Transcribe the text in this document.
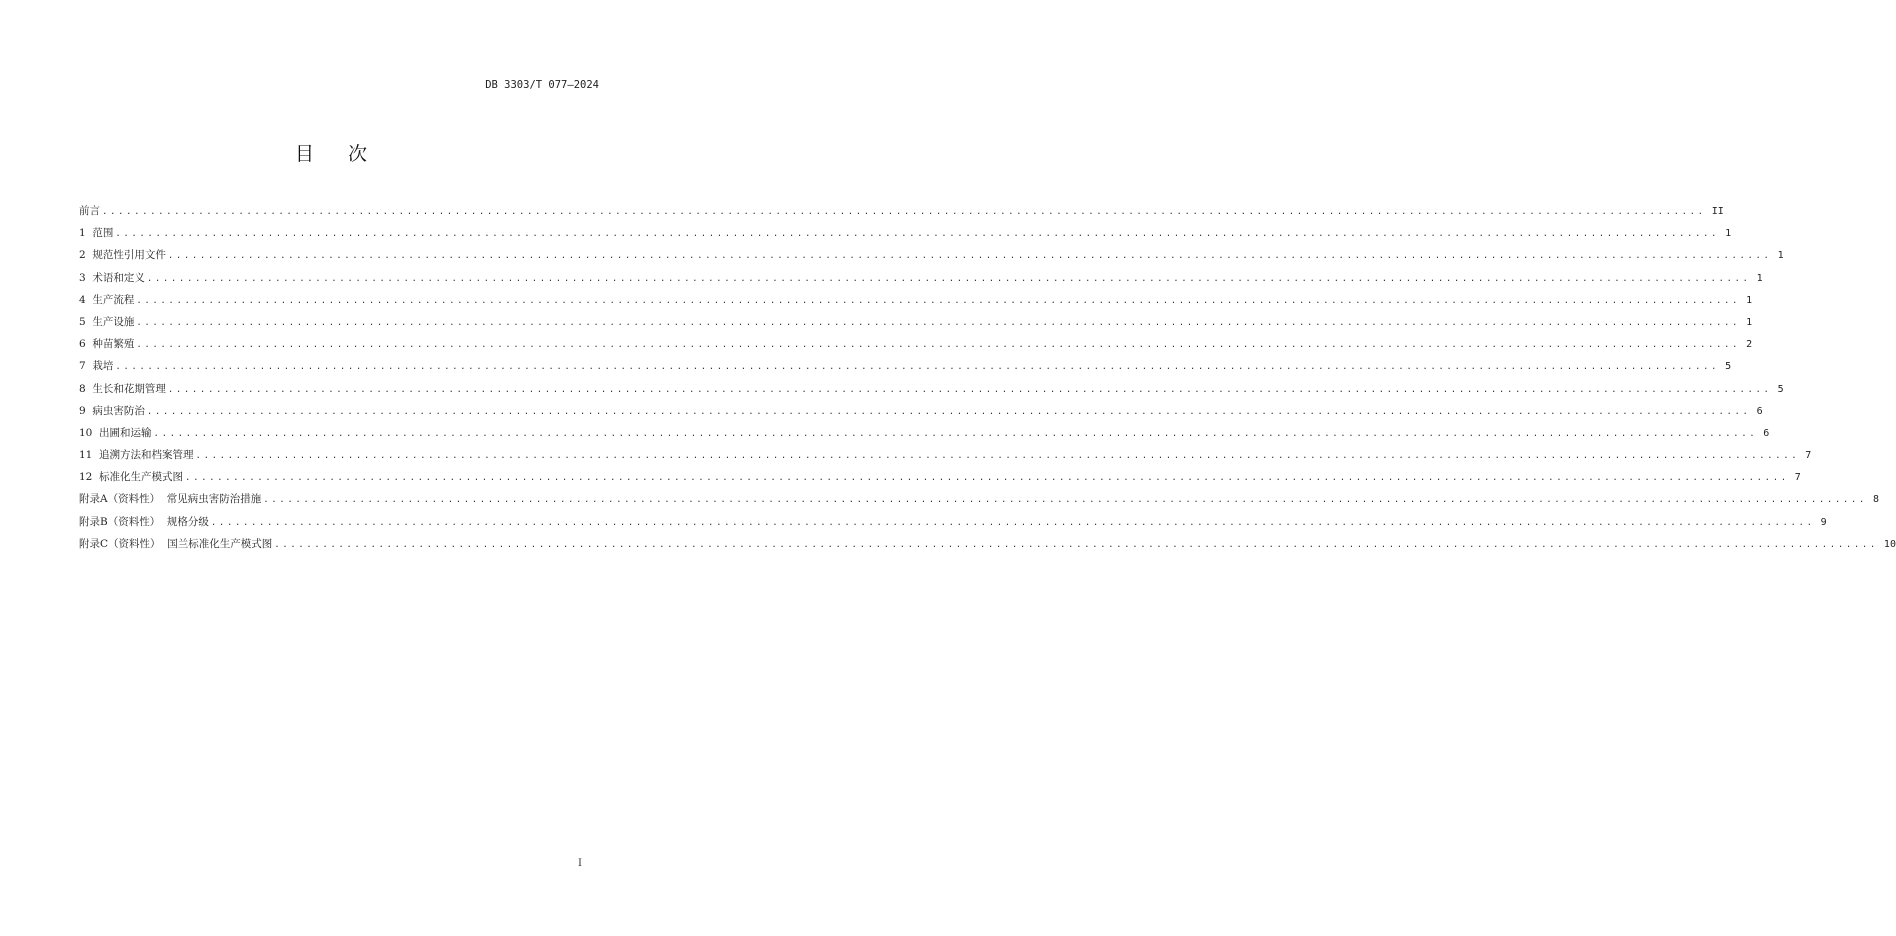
DB 3303/T 077—2024
目次
前言 ........................................................................................................................................................................................................ II
1  范围 ........................................................................................................................................................................................................ 1
2  规范性引用文件 ........................................................................................................................................................................................................ 1
3  术语和定义 ........................................................................................................................................................................................................ 1
4  生产流程 ........................................................................................................................................................................................................ 1
5  生产设施 ........................................................................................................................................................................................................ 1
6  种苗繁殖 ........................................................................................................................................................................................................ 2
7  栽培 ........................................................................................................................................................................................................ 5
8  生长和花期管理 ........................................................................................................................................................................................................ 5
9  病虫害防治 ........................................................................................................................................................................................................ 6
10  出圃和运输 ........................................................................................................................................................................................................ 6
11  追溯方法和档案管理 ........................................................................................................................................................................................................ 7
12  标准化生产模式图 ........................................................................................................................................................................................................ 7
附录A（资料性）  常见病虫害防治措施 ........................................................................................................................................................................................................ 8
附录B（资料性）  规格分级 ........................................................................................................................................................................................................ 9
附录C（资料性）  国兰标准化生产模式图 ........................................................................................................................................................................................................ 10
I
